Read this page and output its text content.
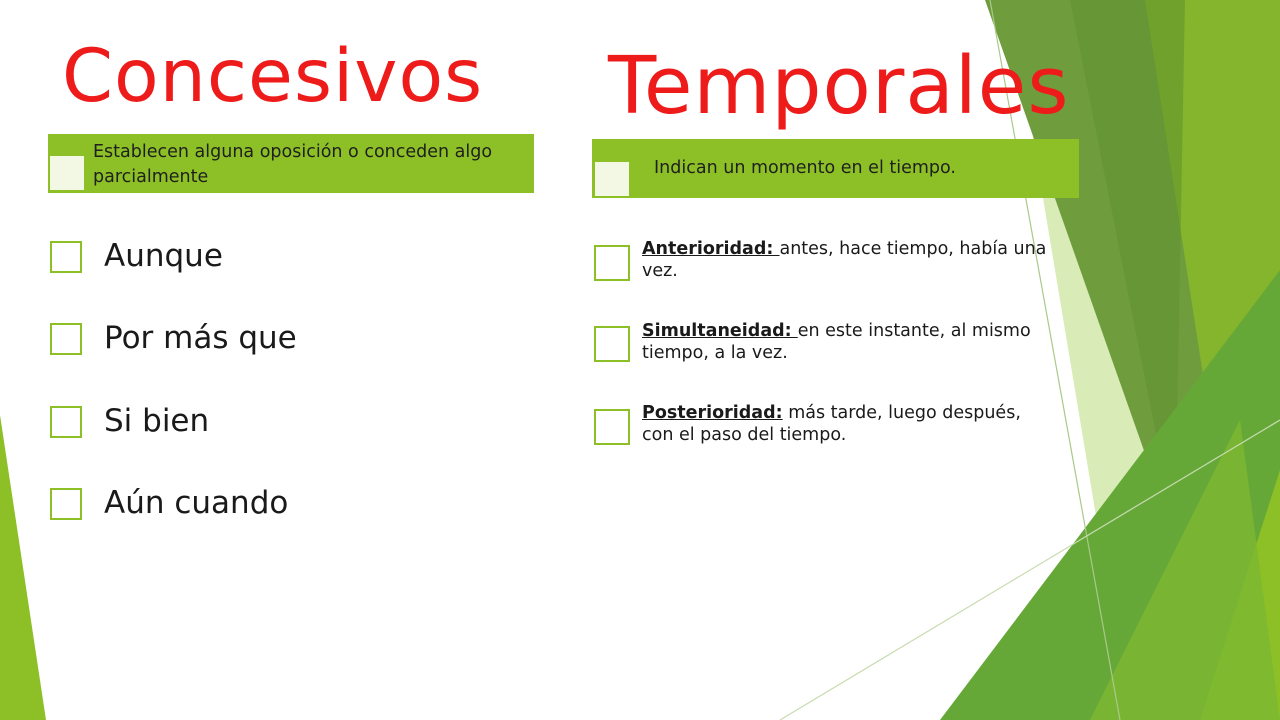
Concesivos Temporales
Establecen alguna oposición o conceden algo parcialmente	Indican un momento en el tiempo.
Aunque
Por más que
Si bien
Aún cuando
Anterioridad: antes, hace tiempo, había una vez.
Simultaneidad: en este instante, al mismo tiempo, a la vez.
Posterioridad: más tarde, luego después, con el paso del tiempo.
